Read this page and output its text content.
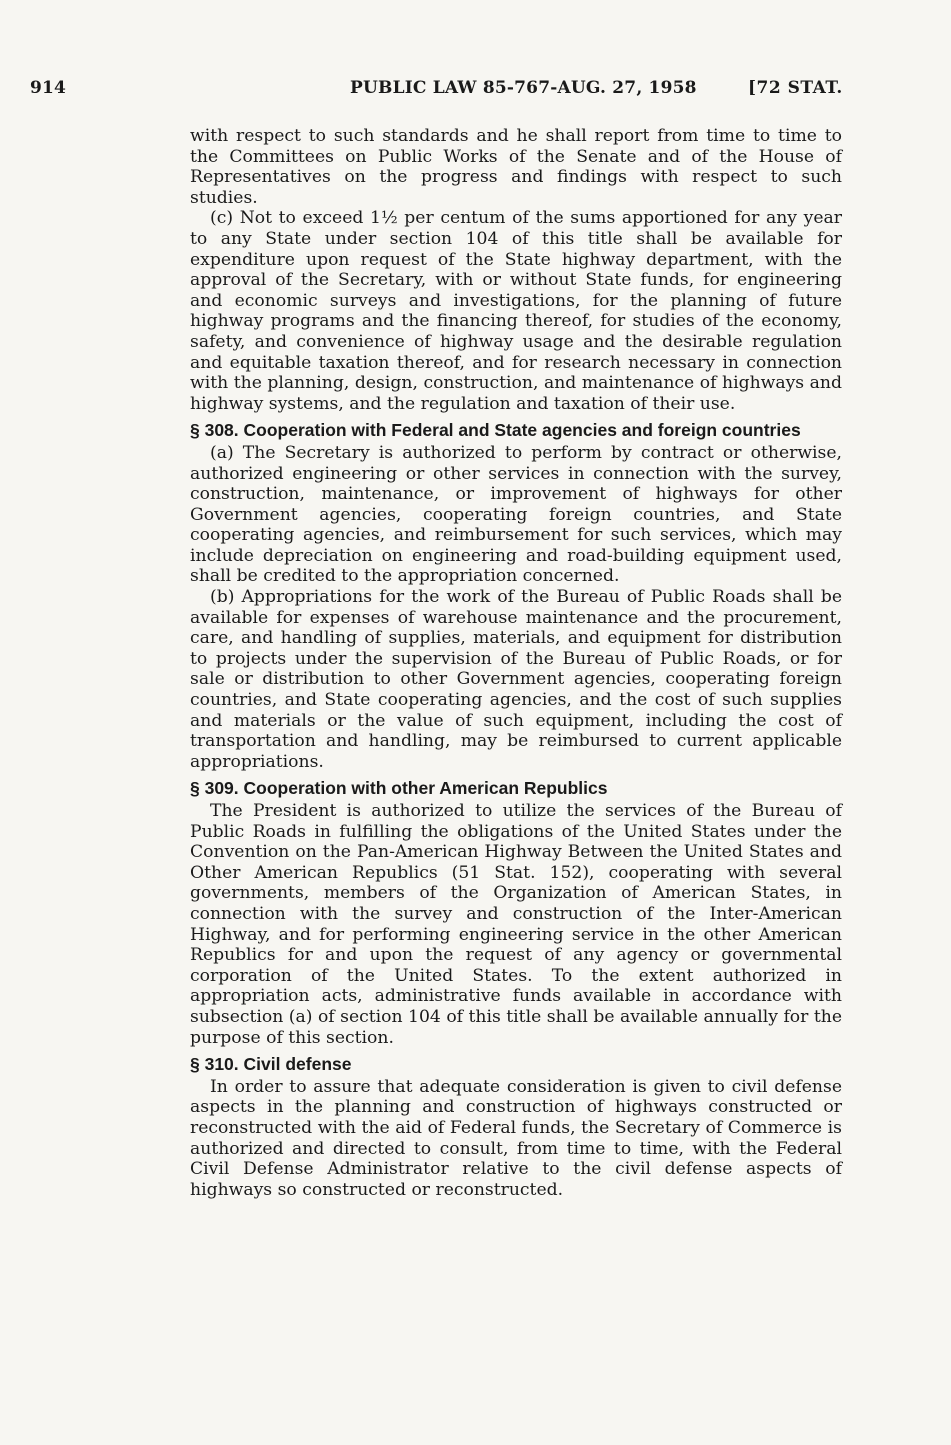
914	PUBLIC LAW 85-767-AUG. 27, 1958	[72 STAT.

with respect to such standards and he shall report from time to time to the Committees on Public Works of the Senate and of the House of Representatives on the progress and findings with respect to such studies.

(c) Not to exceed 1½ per centum of the sums apportioned for any year to any State under section 104 of this title shall be available for expenditure upon request of the State highway department, with the approval of the Secretary, with or without State funds, for engineering and economic surveys and investigations, for the planning of future highway programs and the financing thereof, for studies of the economy, safety, and convenience of highway usage and the desirable regulation and equitable taxation thereof, and for research necessary in connection with the planning, design, construction, and maintenance of highways and highway systems, and the regulation and taxation of their use.

§ 308. Cooperation with Federal and State agencies and foreign countries

(a) The Secretary is authorized to perform by contract or otherwise, authorized engineering or other services in connection with the survey, construction, maintenance, or improvement of highways for other Government agencies, cooperating foreign countries, and State cooperating agencies, and reimbursement for such services, which may include depreciation on engineering and road-building equipment used, shall be credited to the appropriation concerned.

(b) Appropriations for the work of the Bureau of Public Roads shall be available for expenses of warehouse maintenance and the procurement, care, and handling of supplies, materials, and equipment for distribution to projects under the supervision of the Bureau of Public Roads, or for sale or distribution to other Government agencies, cooperating foreign countries, and State cooperating agencies, and the cost of such supplies and materials or the value of such equipment, including the cost of transportation and handling, may be reimbursed to current applicable appropriations.

§ 309. Cooperation with other American Republics

The President is authorized to utilize the services of the Bureau of Public Roads in fulfilling the obligations of the United States under the Convention on the Pan-American Highway Between the United States and Other American Republics (51 Stat. 152), cooperating with several governments, members of the Organization of American States, in connection with the survey and construction of the Inter-American Highway, and for performing engineering service in the other American Republics for and upon the request of any agency or governmental corporation of the United States. To the extent authorized in appropriation acts, administrative funds available in accordance with subsection (a) of section 104 of this title shall be available annually for the purpose of this section.

§ 310. Civil defense

In order to assure that adequate consideration is given to civil defense aspects in the planning and construction of highways constructed or reconstructed with the aid of Federal funds, the Secretary of Commerce is authorized and directed to consult, from time to time, with the Federal Civil Defense Administrator relative to the civil defense aspects of highways so constructed or reconstructed.
